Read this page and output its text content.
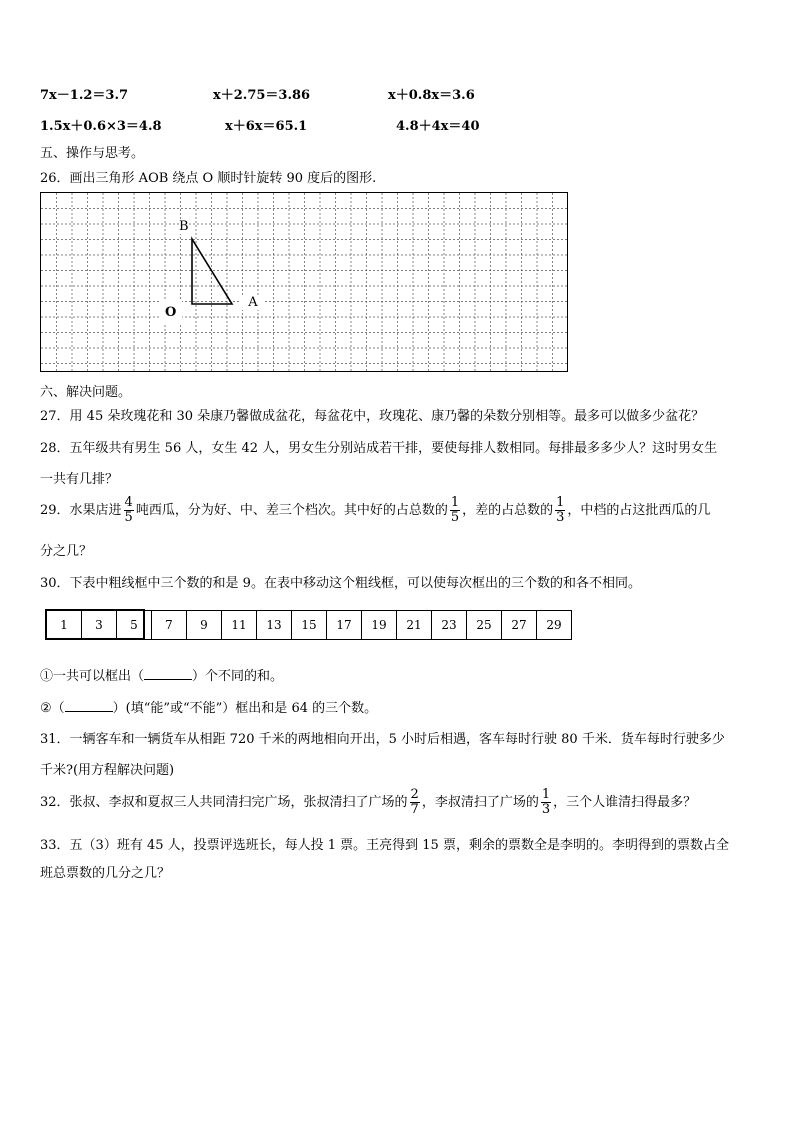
7x－1.2＝3.7	x＋2.75＝3.86	x＋0.8x＝3.6
1.5x＋0.6×3＝4.8	x＋6x＝65.1	4.8＋4x＝40
五、操作与思考。
26．画出三角形 AOB 绕点 O 顺时针旋转 90 度后的图形.
B
A
O
六、解决问题。
27．用 45 朵玫瑰花和 30 朵康乃馨做成盆花，每盆花中，玫瑰花、康乃馨的朵数分别相等。最多可以做多少盆花？
28．五年级共有男生 56 人，女生 42 人，男女生分别站成若干排，要使每排人数相同。每排最多多少人？这时男女生
一共有几排？
29．水果店进 $\frac{4}{5}$ 吨西瓜，分为好、中、差三个档次。其中好的占总数的 $\frac{1}{5}$ ，差的占总数的 $\frac{1}{3}$ ，中档的占这批西瓜的几
分之几？
30．下表中粗线框中三个数的和是 9。在表中移动这个粗线框，可以使每次框出的三个数的和各不相同。
1	3	5	7	9	11	13	15	17	19	21	23	25	27	29
①一共可以框出（	）个不同的和。
②（	）(填“能”或“不能”）框出和是 64 的三个数。
31．一辆客车和一辆货车从相距 720 千米的两地相向开出，5 小时后相遇，客车每时行驶 80 千米．货车每时行驶多少
千米?(用方程解决问题)
32．张叔、李叔和夏叔三人共同清扫完广场，张叔清扫了广场的 $\frac{2}{7}$ ，李叔清扫了广场的 $\frac{1}{3}$ ，三个人谁清扫得最多？
33．五（3）班有 45 人，投票评选班长，每人投 1 票。王亮得到 15 票，剩余的票数全是李明的。李明得到的票数占全
班总票数的几分之几？
